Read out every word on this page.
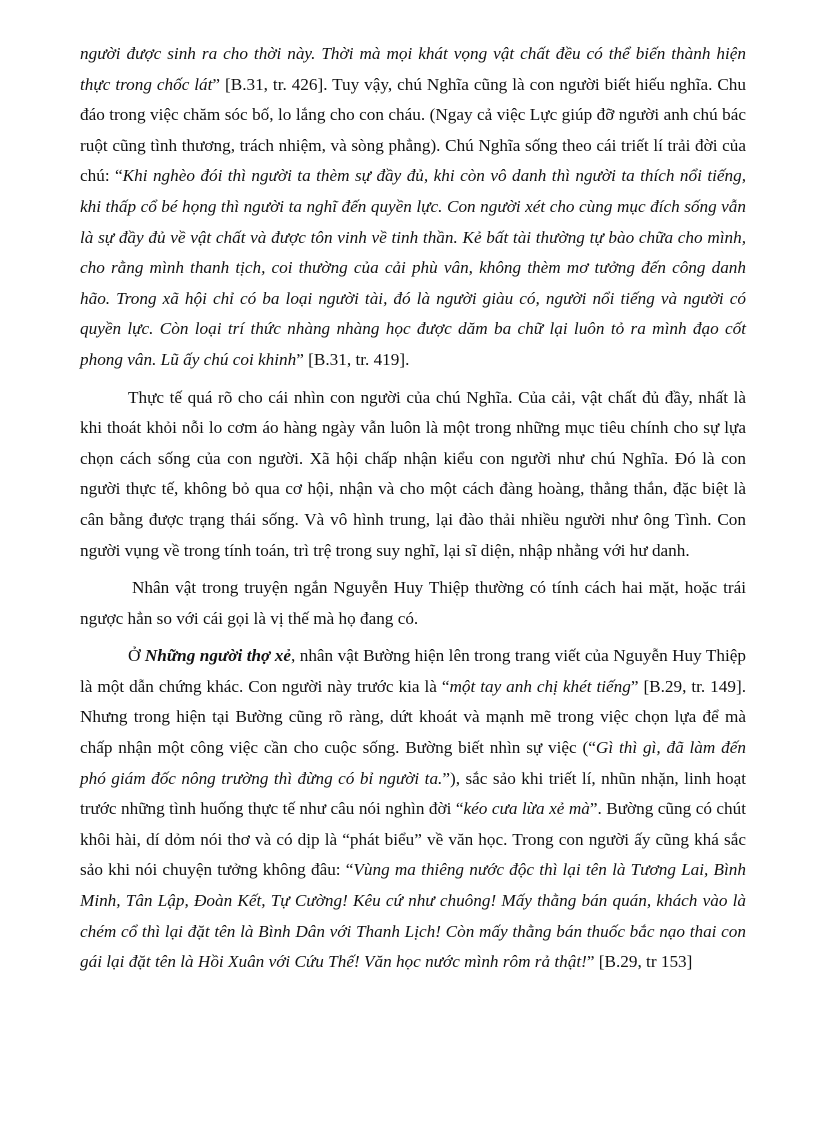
người được sinh ra cho thời này. Thời mà mọi khát vọng vật chất đều có thể biến thành hiện thực trong chốc lát” [B.31, tr. 426]. Tuy vậy, chú Nghĩa cũng là con người biết hiếu nghĩa. Chu đáo trong việc chăm sóc bố, lo lắng cho con cháu. (Ngay cả việc Lực giúp đỡ người anh chú bác ruột cũng tình thương, trách nhiệm, và sòng phẳng). Chú Nghĩa sống theo cái triết lí trải đời của chú: “Khi nghèo đói thì người ta thèm sự đầy đủ, khi còn vô danh thì người ta thích nổi tiếng, khi thấp cổ bé họng thì người ta nghĩ đến quyền lực. Con người xét cho cùng mục đích sống vẫn là sự đầy đủ về vật chất và được tôn vinh về tinh thần. Kẻ bất tài thường tự bào chữa cho mình, cho rằng mình thanh tịch, coi thường của cải phù vân, không thèm mơ tưởng đến công danh hão. Trong xã hội chỉ có ba loại người tài, đó là người giàu có, người nổi tiếng và người có quyền lực. Còn loại trí thức nhàng nhàng học được dăm ba chữ lại luôn tỏ ra mình đạo cốt phong vân. Lũ ấy chú coi khinh” [B.31, tr. 419].

Thực tế quá rõ cho cái nhìn con người của chú Nghĩa. Của cải, vật chất đủ đầy, nhất là khi thoát khỏi nỗi lo cơm áo hàng ngày vẫn luôn là một trong những mục tiêu chính cho sự lựa chọn cách sống của con người. Xã hội chấp nhận kiểu con người như chú Nghĩa. Đó là con người thực tế, không bỏ qua cơ hội, nhận và cho một cách đàng hoàng, thẳng thắn, đặc biệt là cân bằng được trạng thái sống. Và vô hình trung, lại đào thải nhiều người như ông Tình. Con người vụng về trong tính toán, trì trệ trong suy nghĩ, lại sĩ diện, nhập nhằng với hư danh.

Nhân vật trong truyện ngắn Nguyễn Huy Thiệp thường có tính cách hai mặt, hoặc trái ngược hẳn so với cái gọi là vị thế mà họ đang có.

Ở Những người thợ xẻ, nhân vật Bường hiện lên trong trang viết của Nguyễn Huy Thiệp là một dẫn chứng khác. Con người này trước kia là “một tay anh chị khét tiếng” [B.29, tr. 149]. Nhưng trong hiện tại Bường cũng rõ ràng, dứt khoát và mạnh mẽ trong việc chọn lựa để mà chấp nhận một công việc cần cho cuộc sống. Bường biết nhìn sự việc (“Gì thì gì, đã làm đến phó giám đốc nông trường thì đừng có bỉ người ta.”), sắc sảo khi triết lí, nhũn nhặn, linh hoạt trước những tình huống thực tế như câu nói nghìn đời “kéo cưa lừa xẻ mà”. Bường cũng có chút khôi hài, dí dỏm nói thơ và có dịp là “phát biểu” về văn học. Trong con người ấy cũng khá sắc sảo khi nói chuyện tưởng không đâu: “Vùng ma thiêng nước độc thì lại tên là Tương Lai, Bình Minh, Tân Lập, Đoàn Kết, Tự Cường! Kêu cứ như chuông! Mấy thằng bán quán, khách vào là chém cổ thì lại đặt tên là Bình Dân với Thanh Lịch! Còn mấy thằng bán thuốc bắc nạo thai con gái lại đặt tên là Hồi Xuân với Cứu Thế! Văn học nước mình rôm rả thật!” [B.29, tr 153]
